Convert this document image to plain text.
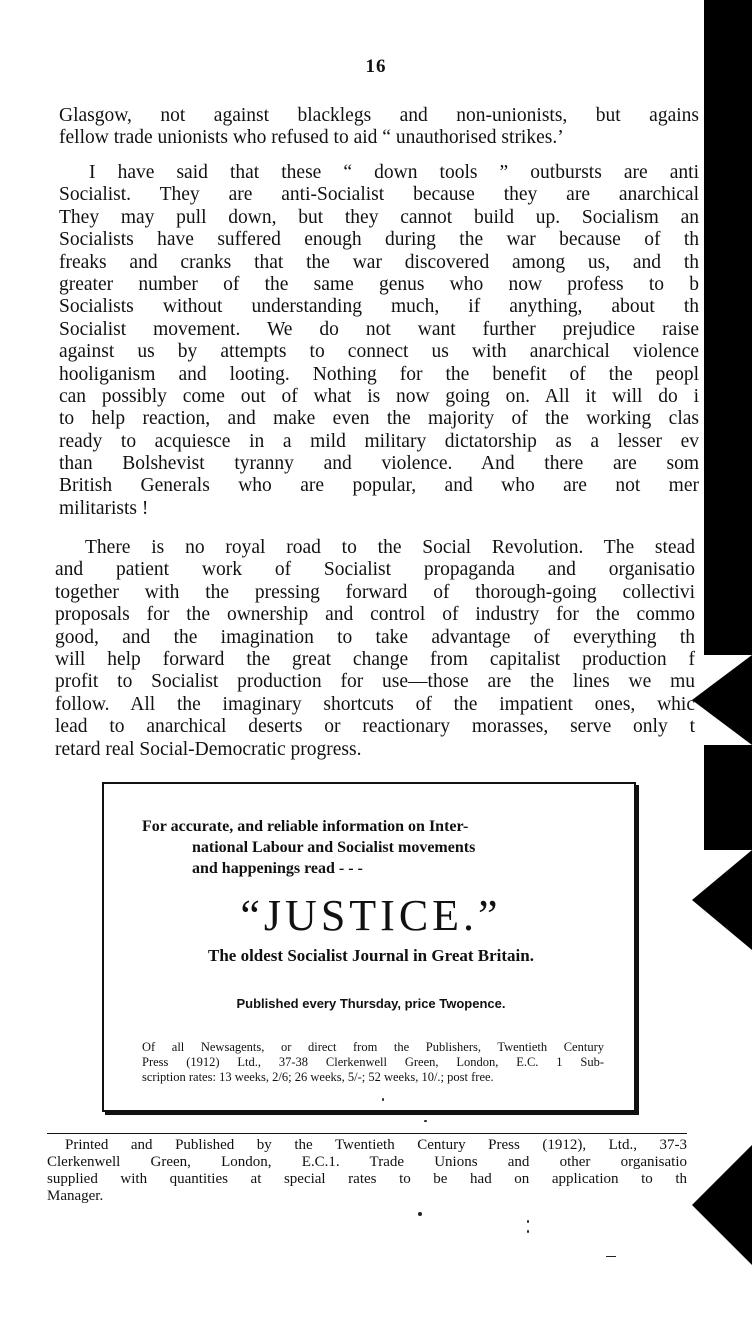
16
Glasgow, not against blacklegs and non-unionists, but agains
fellow trade unionists who refused to aid “ unauthorised strikes.’
I have said that these “ down tools ” outbursts are anti
Socialist. They are anti-Socialist because they are anarchical
They may pull down, but they cannot build up. Socialism an
Socialists have suffered enough during the war because of th
freaks and cranks that the war discovered among us, and th
greater number of the same genus who now profess to b
Socialists without understanding much, if anything, about th
Socialist movement. We do not want further prejudice raise
against us by attempts to connect us with anarchical violence
hooliganism and looting. Nothing for the benefit of the peopl
can possibly come out of what is now going on. All it will do i
to help reaction, and make even the majority of the working clas
ready to acquiesce in a mild military dictatorship as a lesser ev
than Bolshevist tyranny and violence. And there are som
British Generals who are popular, and who are not mer
militarists !
There is no royal road to the Social Revolution. The stead
and patient work of Socialist propaganda and organisatio
together with the pressing forward of thorough-going collectivi
proposals for the ownership and control of industry for the commo
good, and the imagination to take advantage of everything th
will help forward the great change from capitalist production f
profit to Socialist production for use—those are the lines we mu
follow. All the imaginary shortcuts of the impatient ones, whic
lead to anarchical deserts or reactionary morasses, serve only t
retard real Social-Democratic progress.
For accurate, and reliable information on Inter-
national Labour and Socialist movements
and happenings read - - -
“JUSTICE.”
The oldest Socialist Journal in Great Britain.
Published every Thursday, price Twopence.
Of all Newsagents, or direct from the Publishers, Twentieth Century
Press (1912) Ltd., 37-38 Clerkenwell Green, London, E.C. 1 Sub-
scription rates: 13 weeks, 2/6; 26 weeks, 5/-; 52 weeks, 10/.; post free.
Printed and Published by the Twentieth Century Press (1912), Ltd., 37-3
Clerkenwell Green, London, E.C.1. Trade Unions and other organisatio
supplied with quantities at special rates to be had on application to th
Manager.
